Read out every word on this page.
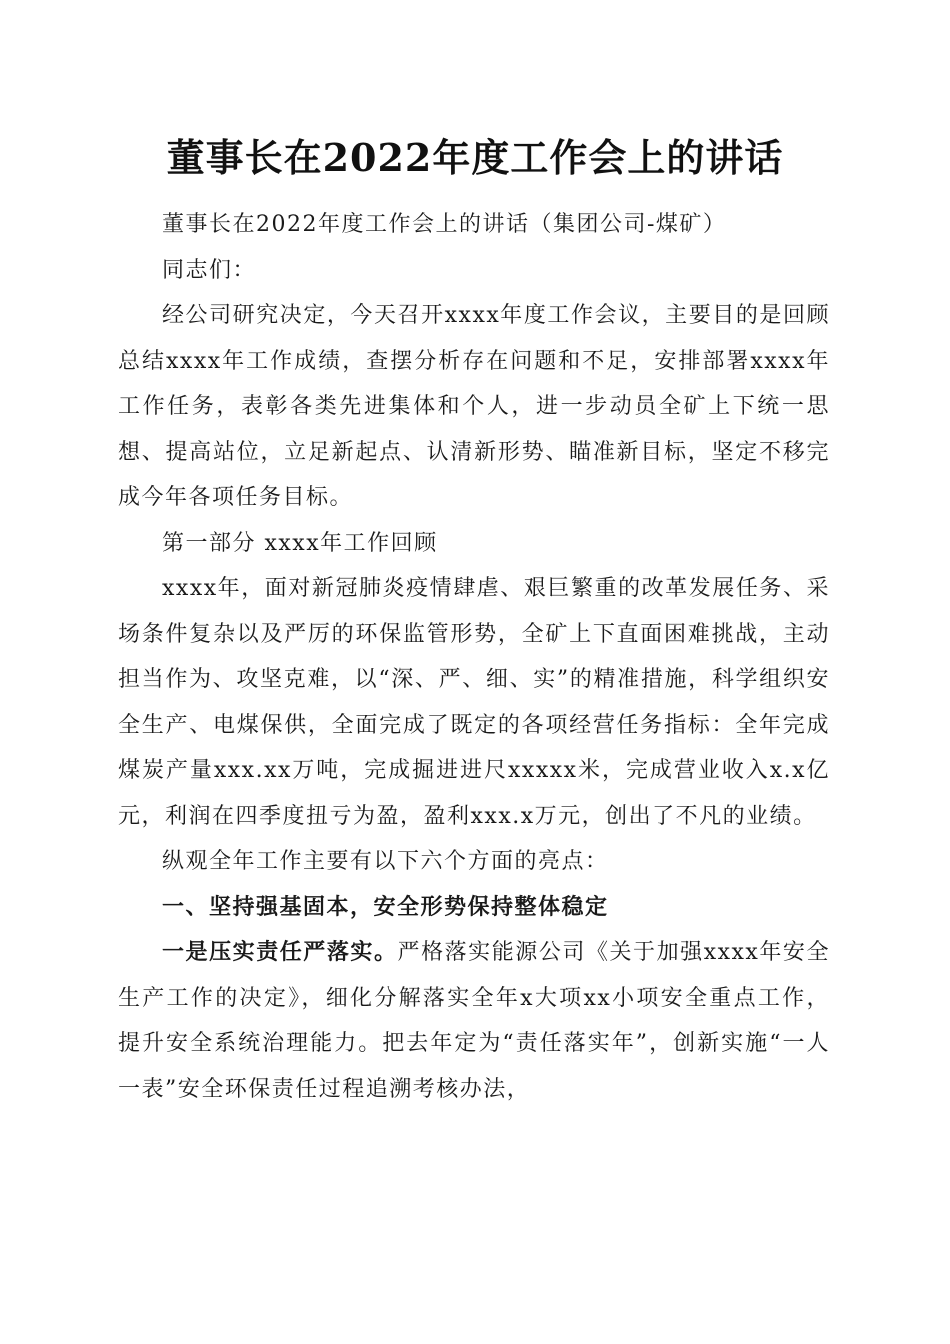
董事长在2022年度工作会上的讲话

董事长在2022年度工作会上的讲话（集团公司-煤矿）

同志们：

经公司研究决定，今天召开xxxx年度工作会议，主要目的是回顾总结xxxx年工作成绩，查摆分析存在问题和不足，安排部署xxxx年工作任务，表彰各类先进集体和个人，进一步动员全矿上下统一思想、提高站位，立足新起点、认清新形势、瞄准新目标，坚定不移完成今年各项任务目标。

第一部分 xxxx年工作回顾

xxxx年，面对新冠肺炎疫情肆虐、艰巨繁重的改革发展任务、采场条件复杂以及严厉的环保监管形势，全矿上下直面困难挑战，主动担当作为、攻坚克难，以“深、严、细、实”的精准措施，科学组织安全生产、电煤保供，全面完成了既定的各项经营任务指标：全年完成煤炭产量xxx.xx万吨，完成掘进进尺xxxxx米，完成营业收入x.x亿元，利润在四季度扭亏为盈，盈利xxx.x万元，创出了不凡的业绩。

纵观全年工作主要有以下六个方面的亮点：

一、坚持强基固本，安全形势保持整体稳定

一是压实责任严落实。严格落实能源公司《关于加强xxxx年安全生产工作的决定》，细化分解落实全年x大项xx小项安全重点工作，提升安全系统治理能力。把去年定为“责任落实年”，创新实施“一人一表”安全环保责任过程追溯考核办法，
